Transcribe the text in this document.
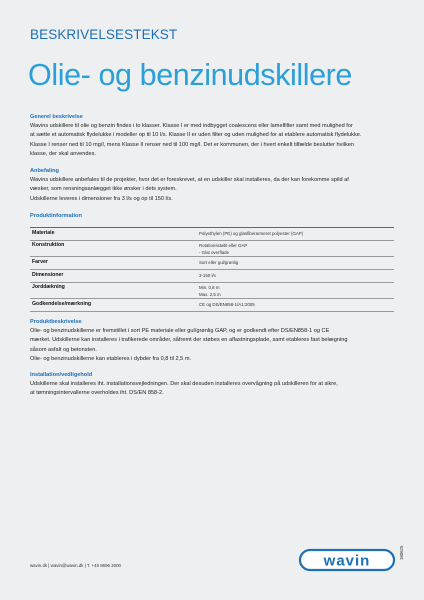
BESKRIVELSESTEKST
Olie- og benzinudskillere
Generel beskrivelse

Wavins udskillere til olie og benzin findes i to klasser. Klasse I er med indbygget coalescens eller lamelfilter samt med mulighed for

at sætte et automatisk flydelukke i modeller op til 10 l/s. Klasse II er uden filter og uden mulighed for at etablere automatisk flydelukke.

Klasse I renser ned til 10 mg/l, mens Klasse II renser ned til 100 mg/l. Det er kommunen, der i hvert enkelt tilfælde beslutter hvilken

klasse, der skal anvendes.

Anbefaling

Wavins udskillere anbefales til de projekter, hvor det er foreskrevet, at en udskiller skal installeres, da der kan forekomme spild af

væsker, som rensningsanlægget ikke ønsker i dets system.

Udskillerne leveres i dimensioner fra 3 l/s og op til 150 l/s.

Produktinformation
Materiale	Polyethylen (PE) og glasfiberarmeret polyester (GAP)

Konstruktion	Rotationsstøbt eller GAP
- Glat overflade

Farver	Sort eller gul/grønlig

Dimensioner	3-150 l/s

Jorddækning	Min. 0,8 m
Max. 2,5 m

Godkendelse/mærkning	CE og DS/EN858-1/A1:2005
Produktbeskrivelse

Olie- og benzinudskillerne er fremstillet i sort PE materiale eller gul/grønlig GAP, og er godkendt efter DS/EN858-1 og CE

mærket. Udskillerne kan installeres i trafikerede områder, såfremt der støbes en aflastningsplade, samt etableres fast belægning

såsom asfalt og betonsten.

Olie- og benzinudskillerne kan etableres i dybder fra 0,8 til 2,5 m.

Installation/vedligehold

Udskillerne skal installeres iht. installationsvejledningen. Der skal desuden installeres overvågning på udskilleren for at sikre,

at tømningsintervallerne overholdes iht. DS/EN 858-2.

wavin.dk | wavin@wavin.dk | T. +45 8696 2000	wavin	180625
